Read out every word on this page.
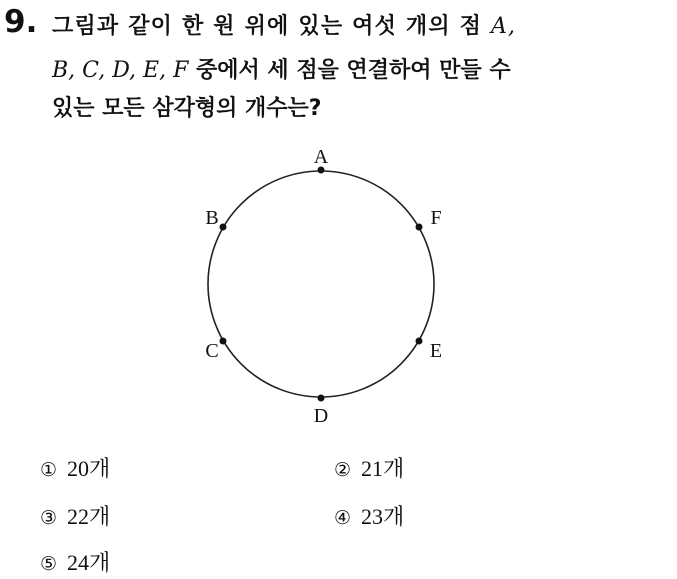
9. 그림과 같이 한 원 위에 있는 여섯 개의 점 A,
B, C, D, E, F 중에서 세 점을 연결하여 만들 수
있는 모든 삼각형의 개수는?
A
B
C
D
E
F
① 20개	② 21개
③ 22개	④ 23개
⑤ 24개
